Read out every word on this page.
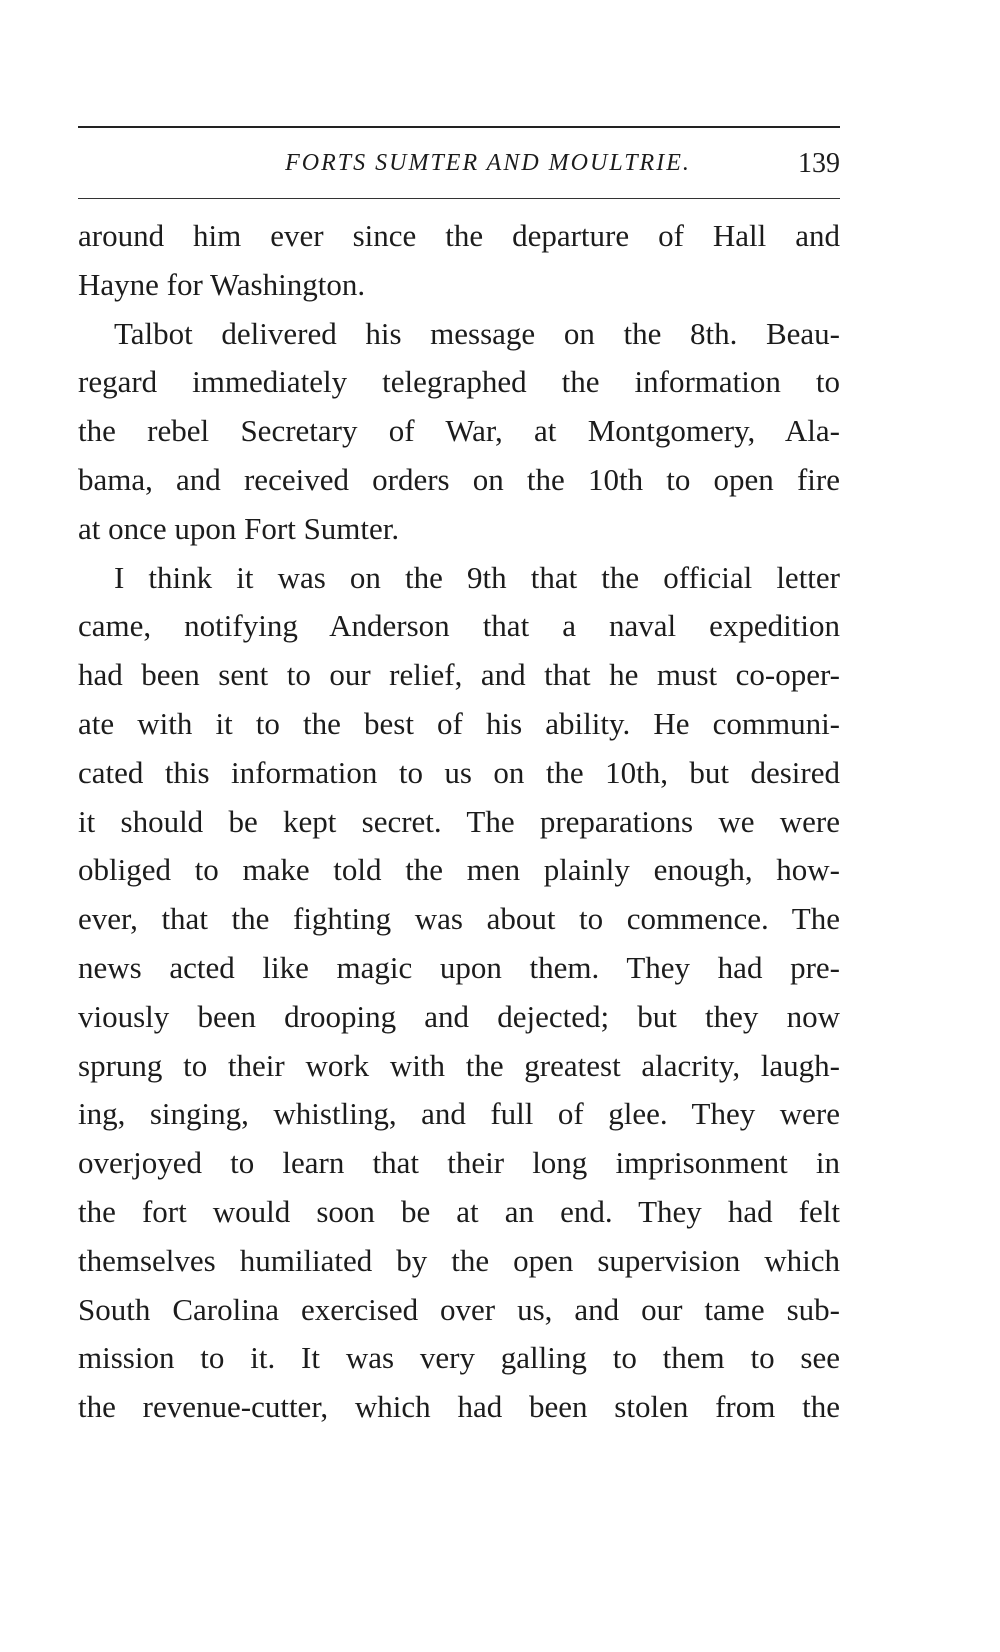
FORTS SUMTER AND MOULTRIE.	139
around him ever since the departure of Hall and
Hayne for Washington.
Talbot delivered his message on the 8th. Beau-
regard immediately telegraphed the information to
the rebel Secretary of War, at Montgomery, Ala-
bama, and received orders on the 10th to open fire
at once upon Fort Sumter.
I think it was on the 9th that the official letter
came, notifying Anderson that a naval expedition
had been sent to our relief, and that he must co-oper-
ate with it to the best of his ability. He communi-
cated this information to us on the 10th, but desired
it should be kept secret. The preparations we were
obliged to make told the men plainly enough, how-
ever, that the fighting was about to commence. The
news acted like magic upon them. They had pre-
viously been drooping and dejected; but they now
sprung to their work with the greatest alacrity, laugh-
ing, singing, whistling, and full of glee. They were
overjoyed to learn that their long imprisonment in
the fort would soon be at an end. They had felt
themselves humiliated by the open supervision which
South Carolina exercised over us, and our tame sub-
mission to it. It was very galling to them to see
the revenue-cutter, which had been stolen from the
